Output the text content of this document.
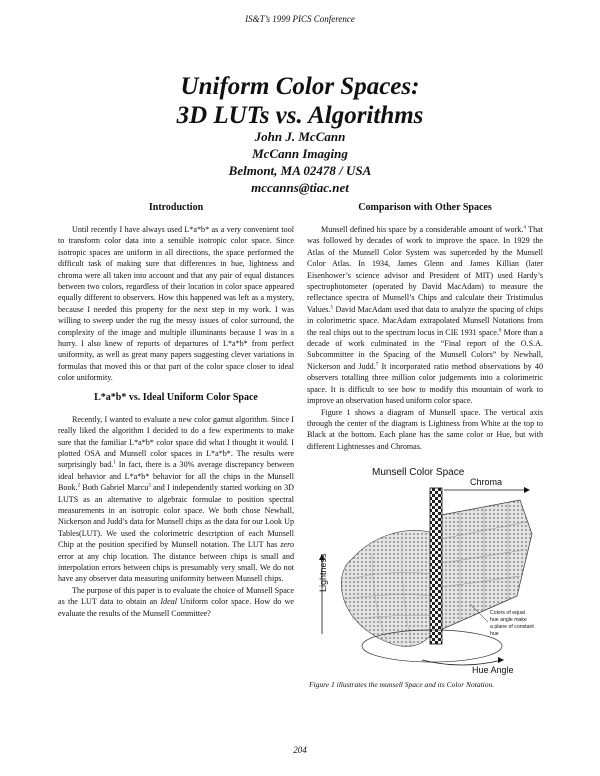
IS&T’s 1999 PICS Conference
Uniform Color Spaces:
3D LUTs vs. Algorithms
John J. McCann
McCann Imaging
Belmont, MA 02478 / USA
mccanns@tiac.net
Introduction

Until recently I have always used L*a*b* as a very convenient tool to transform color data into a sensible isotropic color space. Since isotropic spaces are uniform in all directions, the space performed the difficult task of making sure that differences in hue, lightness and chroma were all taken into account and that any pair of equal distances between two colors, regardless of their location in color space appeared equally different to observers. How this happened was left as a mystery, because I needed this property for the next step in my work. I was willing to sweep under the rug the messy issues of color surround, the complexity of the image and multiple illuminants because I was in a hurry. I also knew of reports of departures of L*a*b* from perfect uniformity, as well as great many papers suggesting clever variations in formulas that moved this or that part of the color space closer to ideal color uniformity.

L*a*b* vs. Ideal Uniform Color Space

Recently, I wanted to evaluate a new color gamut algorithm. Since I really liked the algorithm I decided to do a few experiments to make sure that the familiar L*a*b* color space did what I thought it would. I plotted OSA and Munsell color spaces in L*a*b*. The results were surprisingly bad.$^1$ In fact, there is a 30% average discrepancy between ideal behavior and L*a*b* behavior for all the chips in the Munsell Book.$^2$ Both Gabriel Marcu$^3$ and I independently started working on 3D LUTS as an alternative to algebraic formulae to position spectral measurements in an isotropic color space. We both chose Newhall, Nickerson and Judd’s data for Munsell chips as the data for our Look Up Tables(LUT). We used the colorimetric description of each Munsell Chip at the position specified by Munsell notation. The LUT has zero error at any chip location. The distance between chips is small and interpolation errors between chips is presumably very small. We do not have any observer data measuring uniformity between Munsell chips.

The purpose of this paper is to evaluate the choice of Munsell Space as the LUT data to obtain an Ideal Uniform color space. How do we evaluate the results of the Munsell Committee?

Comparison with Other Spaces

Munsell defined his space by a considerable amount of work.$^4$ That was followed by decades of work to improve the space. In 1929 the Atlas of the Munsell Color System was superceded by the Munsell Color Atlas. In 1934, James Glenn and James Killian (later Eisenhower’s science advisor and President of MIT) used Hardy’s spectrophotometer (operated by David MacAdam) to measure the reflectance spectra of Munsell’s Chips and calculate their Tristimulus Values.$^5$ David MacAdam used that data to analyze the spacing of chips in colorimetric space. MacAdam extrapolated Munsell Notations from the real chips out to the spectrum locus in CIE 1931 space.$^6$ More than a decade of work culminated in the “Final report of the O.S.A. Subcommittee in the Spacing of the Munsell Colors” by Newhall, Nickerson and Judd.$^7$ It incorporated ratio method observations by 40 observers totalling three million color judgements into a colorimetric space. It is difficult to see how to modify this mountain of work to improve an observation based uniform color space.

Figure 1 shows a diagram of Munsell space. The vertical axis through the center of the diagram is Lightness from White at the top to Black at the bottom. Each plane has the same color or Hue, but with different Lightnesses and Chromas.

Munsell Color Space
Chroma
Lightness
Hue Angle
Colors of equal
hue angle make
a plane of constant
hue
Figure 1 illustrates the munsell Space and its Color Notation.
204
